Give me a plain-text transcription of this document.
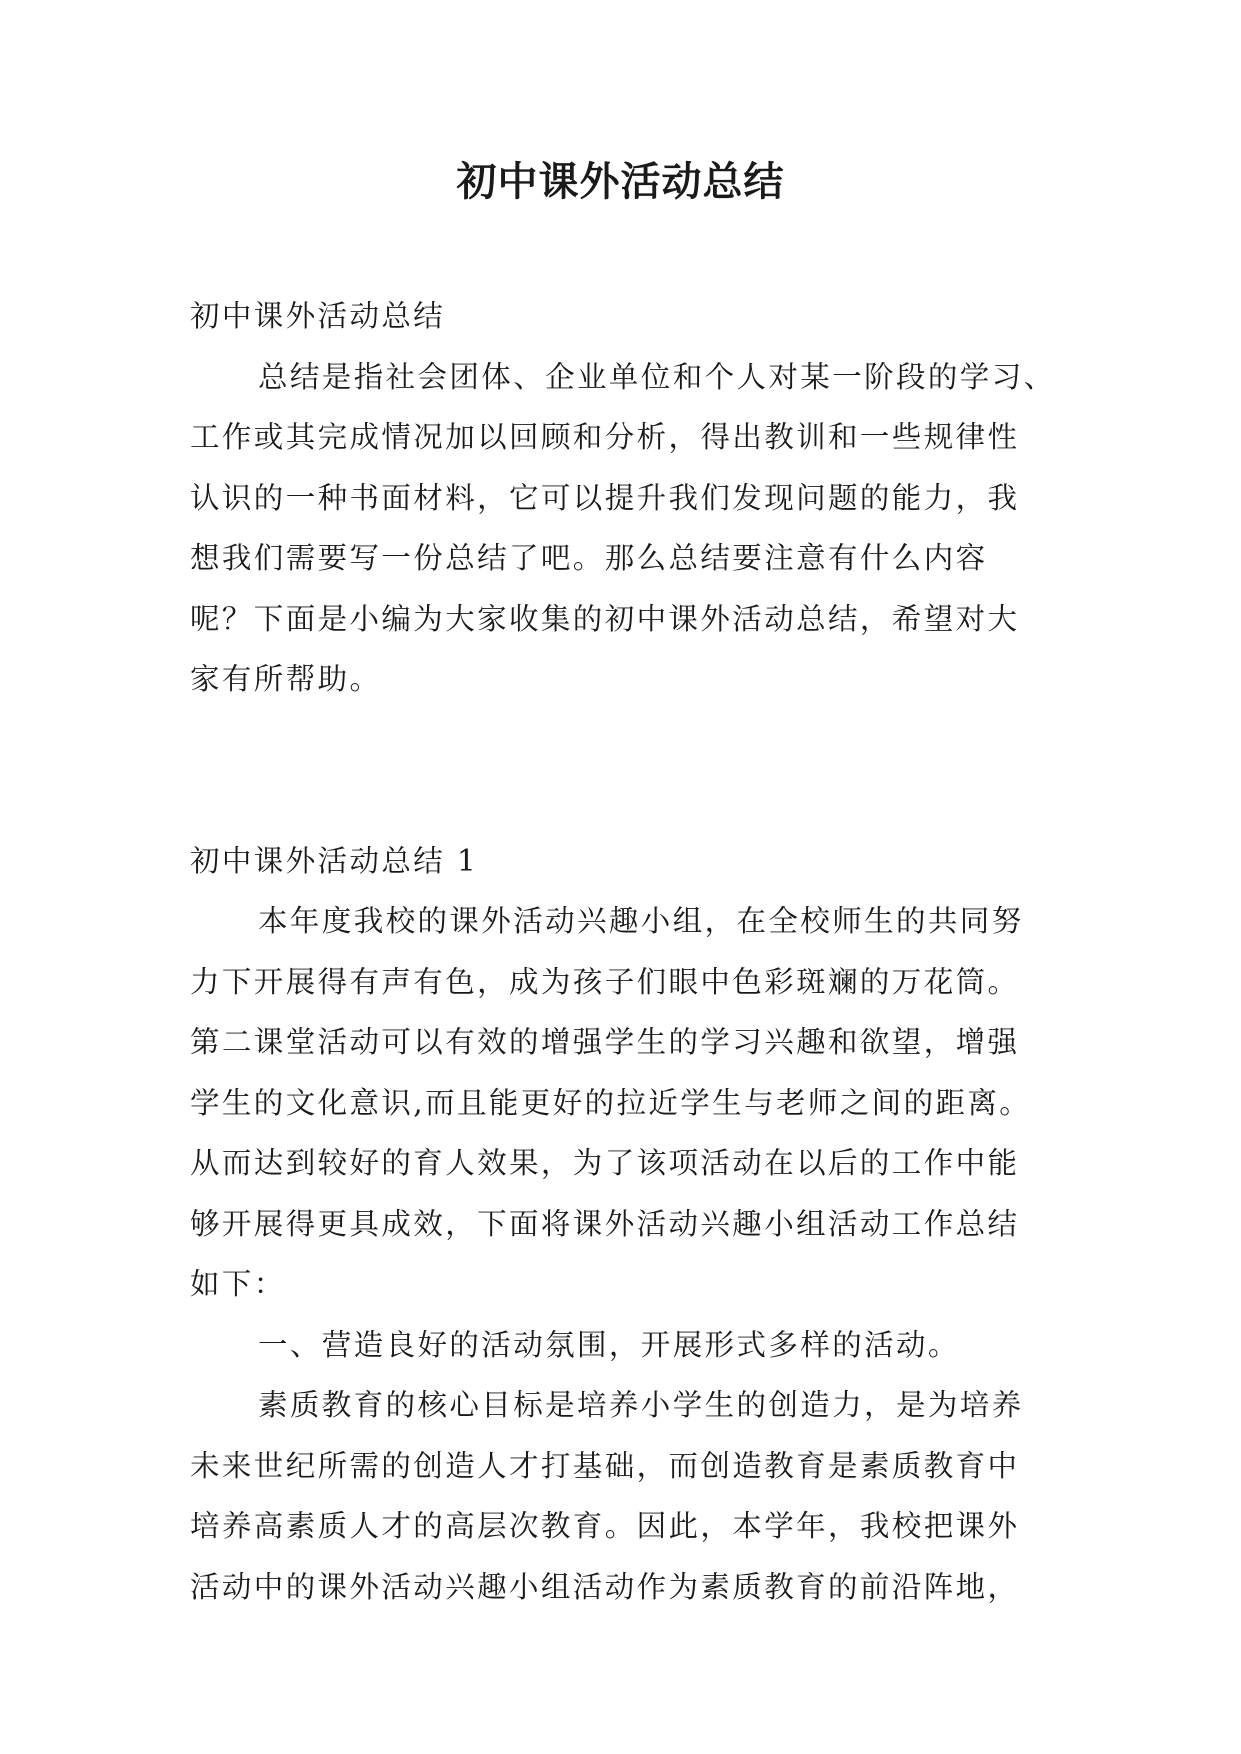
初中课外活动总结
初中课外活动总结
总结是指社会团体、企业单位和个人对某一阶段的学习、
工作或其完成情况加以回顾和分析，得出教训和一些规律性
认识的一种书面材料，它可以提升我们发现问题的能力，我
想我们需要写一份总结了吧。那么总结要注意有什么内容
呢？下面是小编为大家收集的初中课外活动总结，希望对大
家有所帮助。
初中课外活动总结 1
本年度我校的课外活动兴趣小组，在全校师生的共同努
力下开展得有声有色，成为孩子们眼中色彩斑斓的万花筒。
第二课堂活动可以有效的增强学生的学习兴趣和欲望，增强
学生的文化意识,而且能更好的拉近学生与老师之间的距离。
从而达到较好的育人效果，为了该项活动在以后的工作中能
够开展得更具成效，下面将课外活动兴趣小组活动工作总结
如下：
一、营造良好的活动氛围，开展形式多样的活动。
素质教育的核心目标是培养小学生的创造力，是为培养
未来世纪所需的创造人才打基础，而创造教育是素质教育中
培养高素质人才的高层次教育。因此，本学年，我校把课外
活动中的课外活动兴趣小组活动作为素质教育的前沿阵地，
